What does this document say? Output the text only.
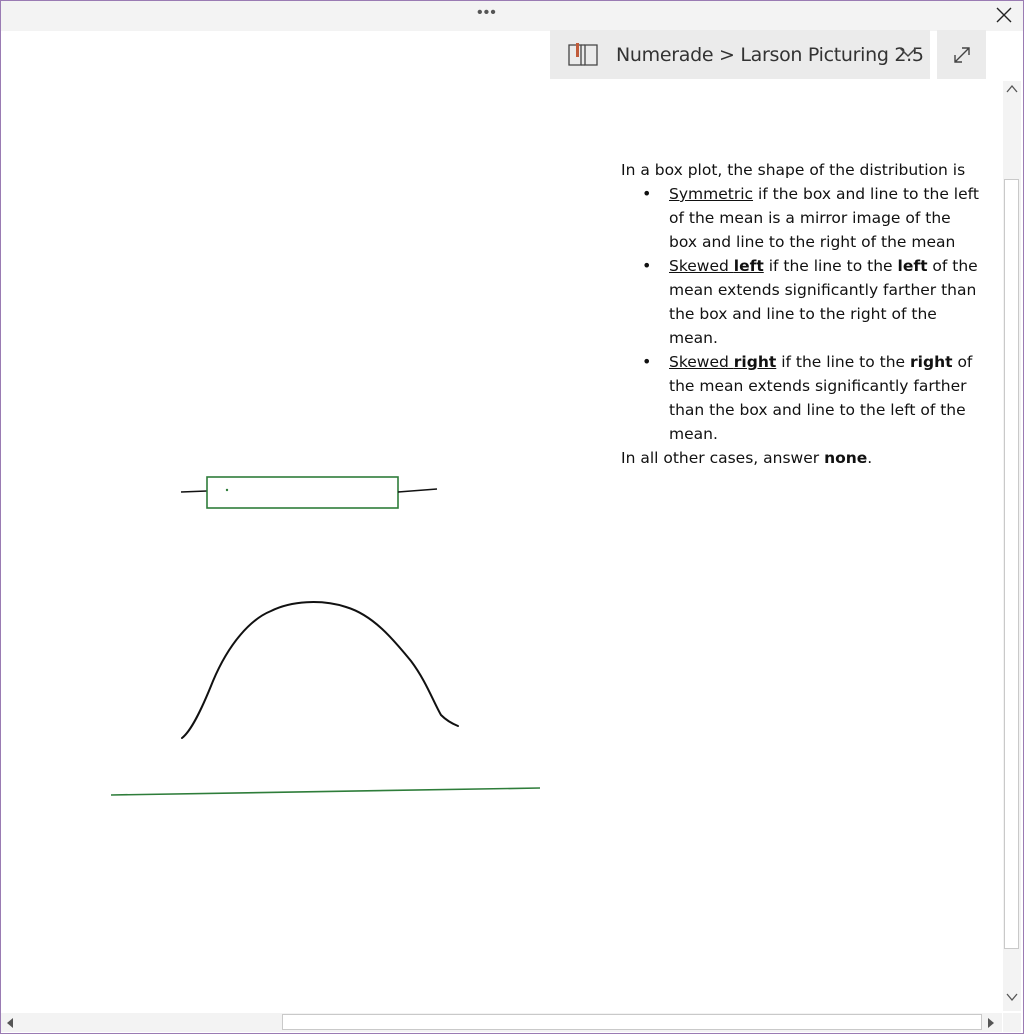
•••
Numerade > Larson Picturing 2.5

In a box plot, the shape of the distribution is

• Symmetric if the box and line to the left of the mean is a mirror image of the box and line to the right of the mean
• Skewed left if the line to the left of the mean extends significantly farther than the box and line to the right of the mean.
• Skewed right if the line to the right of the mean extends significantly farther than the box and line to the left of the mean.

In all other cases, answer none.
